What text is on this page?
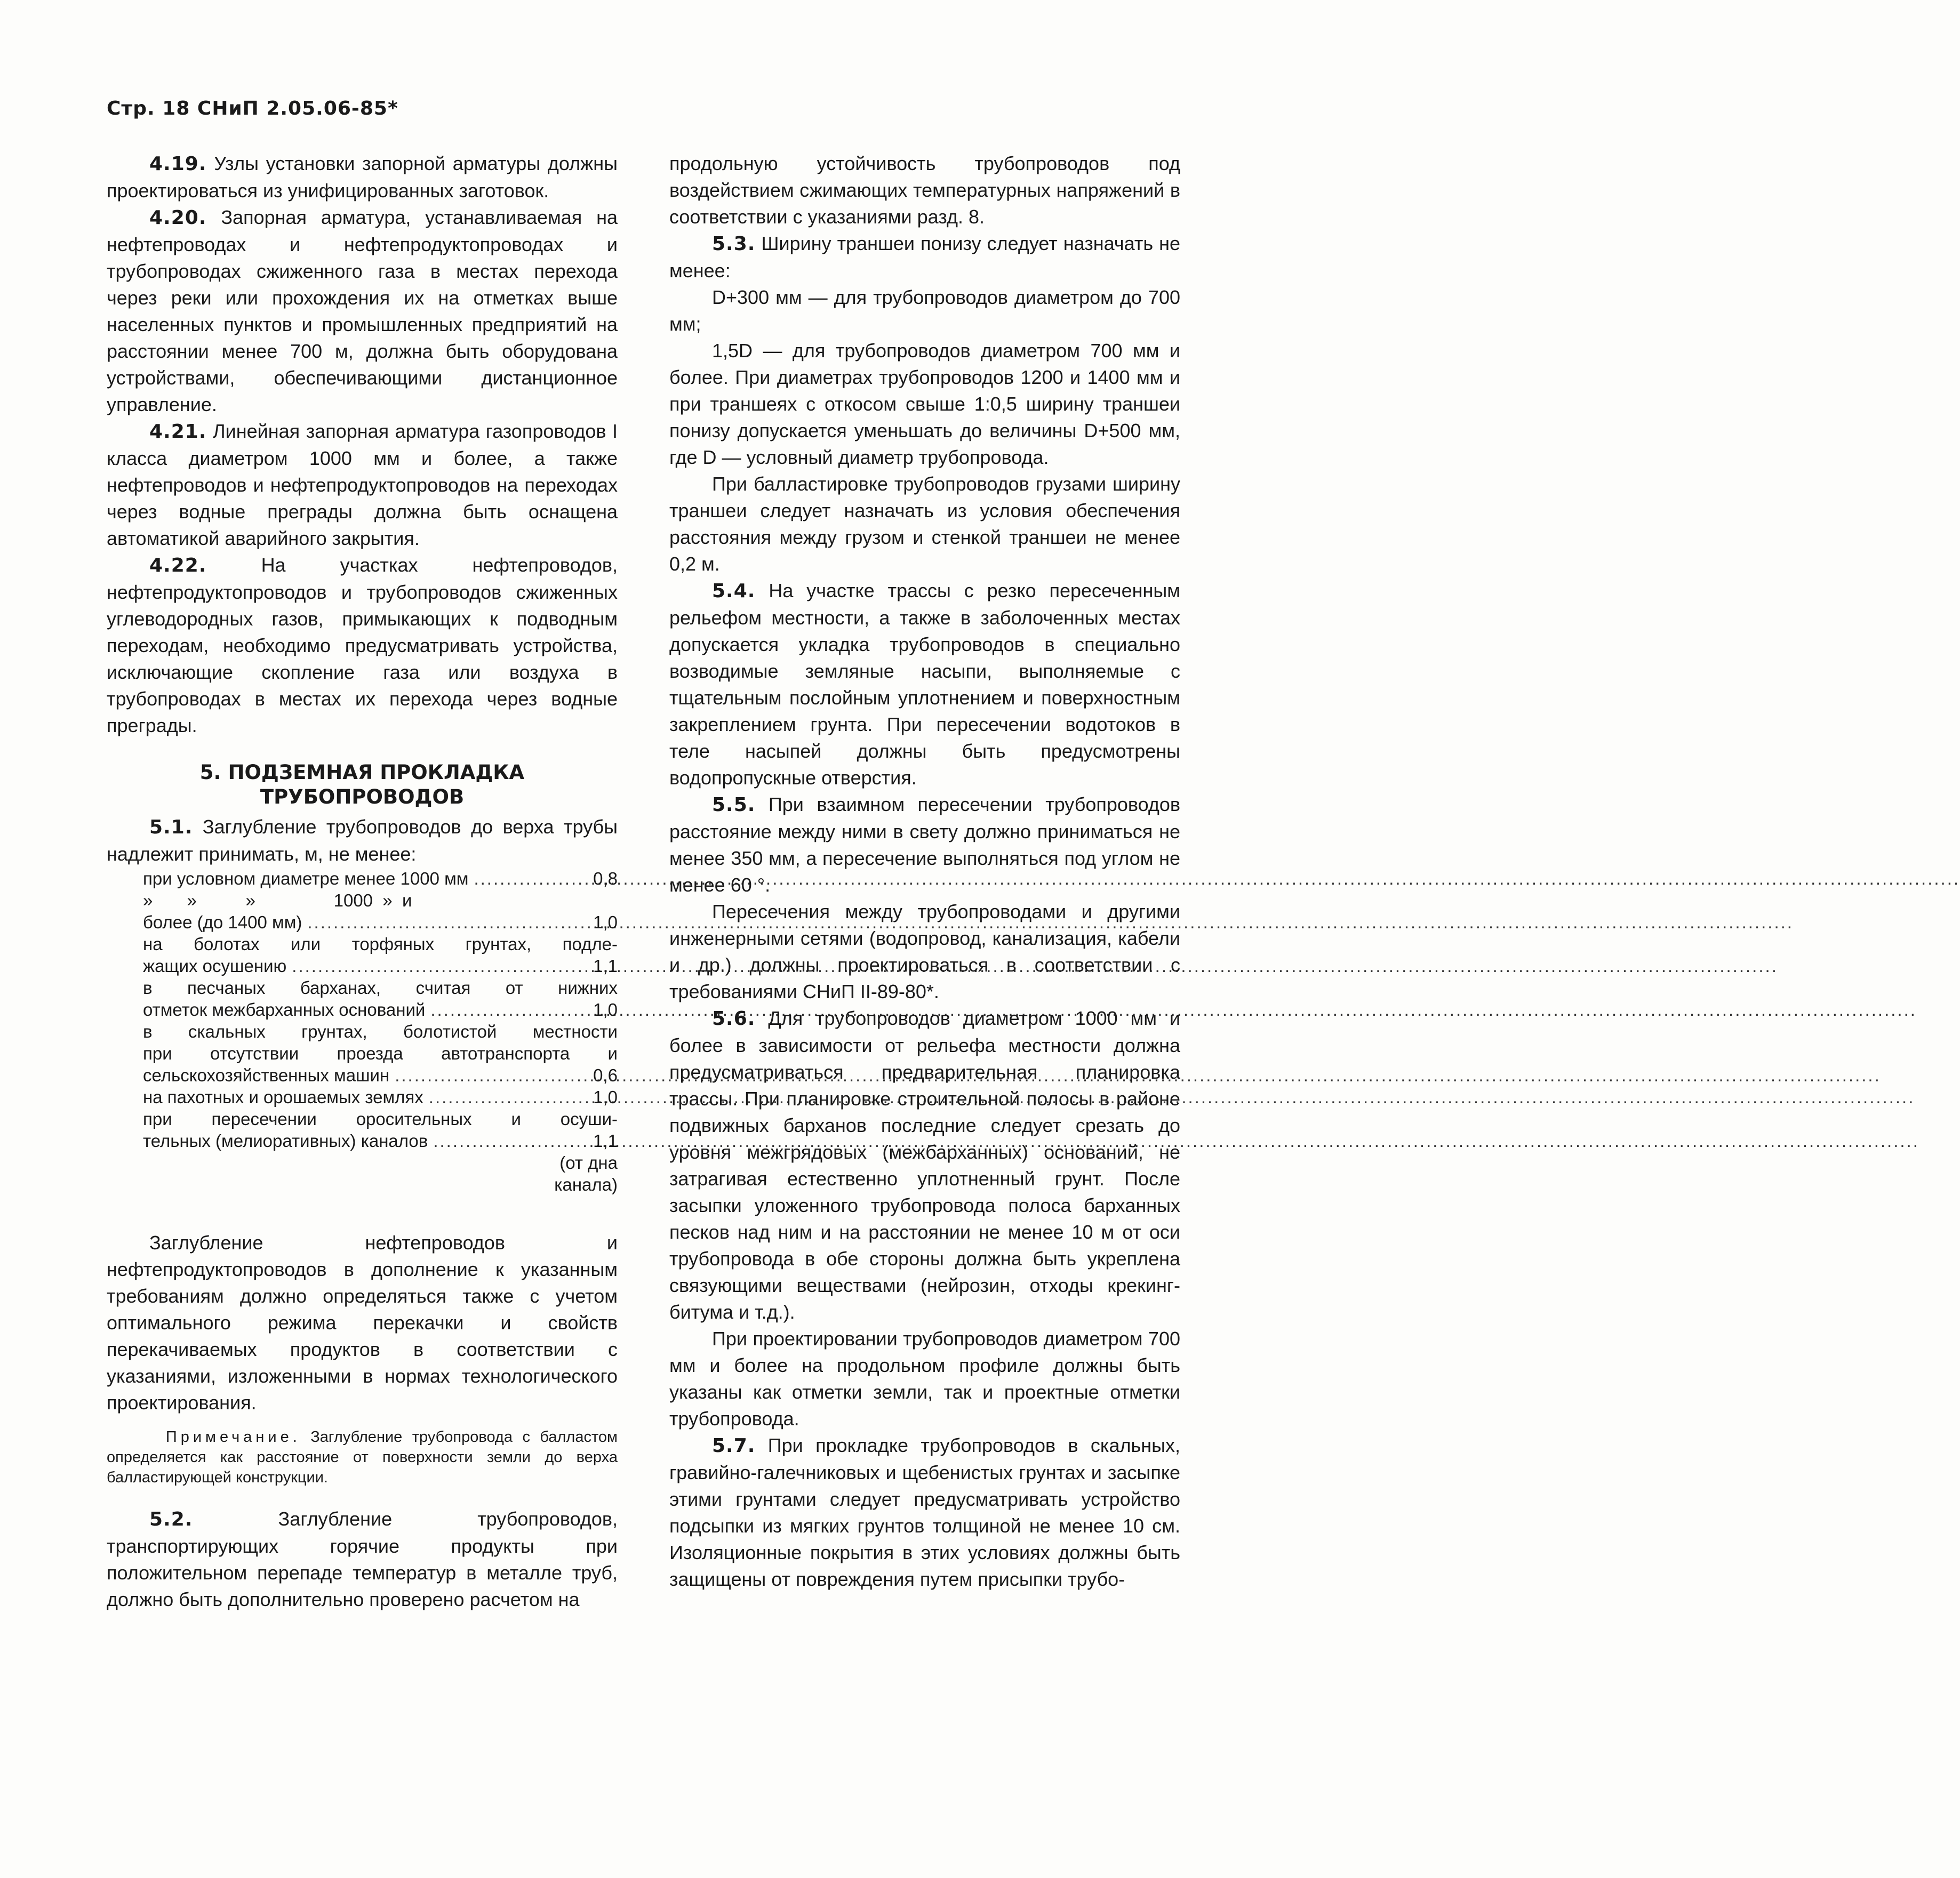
Стр. 18 СНиП 2.05.06-85*

4.19. Узлы установки запорной арматуры должны проектироваться из унифицированных заготовок.

4.20. Запорная арматура, устанавливаемая на нефтепроводах и нефтепродуктопроводах и трубопроводах сжиженного газа в местах перехода через реки или прохождения их на отметках выше населенных пунктов и промышленных предприятий на расстоянии менее 700 м, должна быть оборудована устройствами, обеспечивающими дистанционное управление.

4.21. Линейная запорная арматура газопроводов I класса диаметром 1000 мм и более, а также нефтепроводов и нефтепродуктопроводов на переходах через водные преграды должна быть оснащена автоматикой аварийного закрытия.

4.22.	На участках нефтепроводов, нефтепродуктопроводов и трубопроводов сжиженных углеводородных газов, примыкающих к подводным переходам, необходимо предусматривать устройства, исключающие скопление газа или воздуха в трубопроводах в местах их перехода через водные преграды.

5. ПОДЗЕМНАЯ ПРОКЛАДКА
ТРУБОПРОВОДОВ

5.1. Заглубление трубопроводов до верха трубы надлежит принимать, м, не менее:

при условном диаметре менее 1000 мм .....	0,8
»       »          »                1000  »  и
более (до 1400 мм) .....	1,0
на болотах или торфяных грунтах, подле-
жащих осушению .....	1,1
в песчаных барханах, считая от нижних
отметок межбарханных оснований .....	1,0
в скальных грунтах, болотистой местности
при отсутствии проезда автотранспорта и
сельскохозяйственных машин .....	0,6
на пахотных и орошаемых землях .....	1,0
при пересечении оросительных и осуши-
тельных (мелиоративных) каналов .....	1,1
(от дна
канала)

Заглубление нефтепроводов и нефтепродуктопроводов в дополнение к указанным требованиям должно определяться также с учетом оптимального режима перекачки и свойств перекачиваемых продуктов в соответствии с указаниями, изложенными в нормах технологического проектирования.

Примечание. Заглубление трубопровода с балластом определяется как расстояние от поверхности земли до верха балластирующей конструкции.

5.2.	Заглубление трубопроводов, транспортирующих горячие продукты при положительном перепаде температур в металле труб, должно быть дополнительно проверено расчетом на

продольную устойчивость трубопроводов под воздействием сжимающих температурных напряжений в соответствии с указаниями разд. 8.

5.3. Ширину траншеи понизу следует назначать не менее:

D+300 мм — для трубопроводов диаметром до 700 мм;

1,5D — для трубопроводов диаметром 700 мм и более. При диаметрах трубопроводов 1200 и 1400 мм и при траншеях с откосом свыше 1:0,5 ширину траншеи понизу допускается уменьшать до величины D+500 мм, где D — условный диаметр трубопровода.

При балластировке трубопроводов грузами ширину траншеи следует назначать из условия обеспечения расстояния между грузом и стенкой траншеи не менее 0,2 м.

5.4. На участке трассы с резко пересеченным рельефом местности, а также в заболоченных местах допускается укладка трубопроводов в специально возводимые земляные насыпи, выполняемые с тщательным послойным уплотнением и поверхностным закреплением грунта. При пересечении водотоков в теле насыпей должны быть предусмотрены водопропускные отверстия.

5.5. При взаимном пересечении трубопроводов расстояние между ними в свету должно приниматься не менее 350 мм, а пересечение выполняться под углом не менее 60 °.

Пересечения между трубопроводами и другими инженерными сетями (водопровод, канализация, кабели и др.) должны проектироваться в соответствии с требованиями СНиП II-89-80*.

5.6. Для трубопроводов диаметром 1000 мм и более в зависимости от рельефа местности должна предусматриваться предварительная планировка трассы. При планировке строительной полосы в районе подвижных барханов последние следует срезать до уровня межгрядовых (межбарханных) оснований, не затрагивая естественно уплотненный грунт. После засыпки уложенного трубопровода полоса барханных песков над ним и на расстоянии не менее 10 м от оси трубопровода в обе стороны должна быть укреплена связующими веществами (нейрозин, отходы крекинг-битума и т.д.).

При проектировании трубопроводов диаметром 700 мм и более на продольном профиле должны быть указаны как отметки земли, так и проектные отметки трубопровода.

5.7. При прокладке трубопроводов в скальных, гравийно-галечниковых и щебенистых грунтах и засыпке этими грунтами следует предусматривать устройство подсыпки из мягких грунтов толщиной не менее 10 см. Изоляционные покрытия в этих условиях должны быть защищены от повреждения путем присыпки трубо-
